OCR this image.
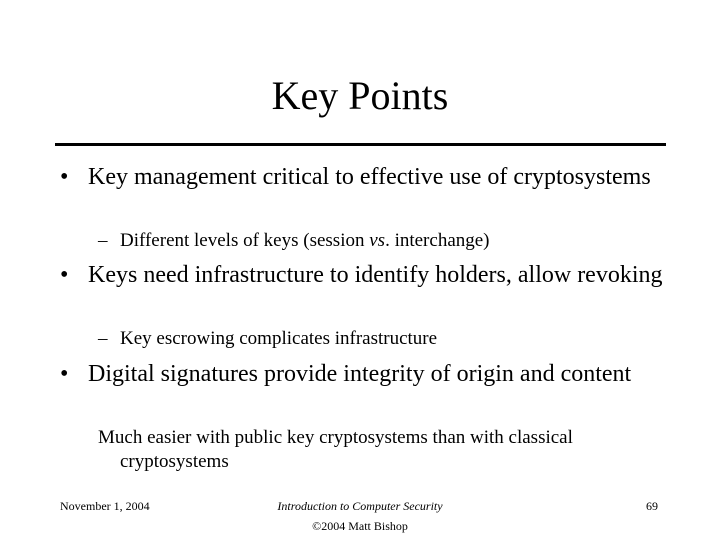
Key Points
• Key management critical to effective use of cryptosystems
– Different levels of keys (session vs. interchange)
• Keys need infrastructure to identify holders, allow revoking
– Key escrowing complicates infrastructure
• Digital signatures provide integrity of origin and content
Much easier with public key cryptosystems than with classical cryptosystems
November 1, 2004	Introduction to Computer Security
©2004 Matt Bishop
69
